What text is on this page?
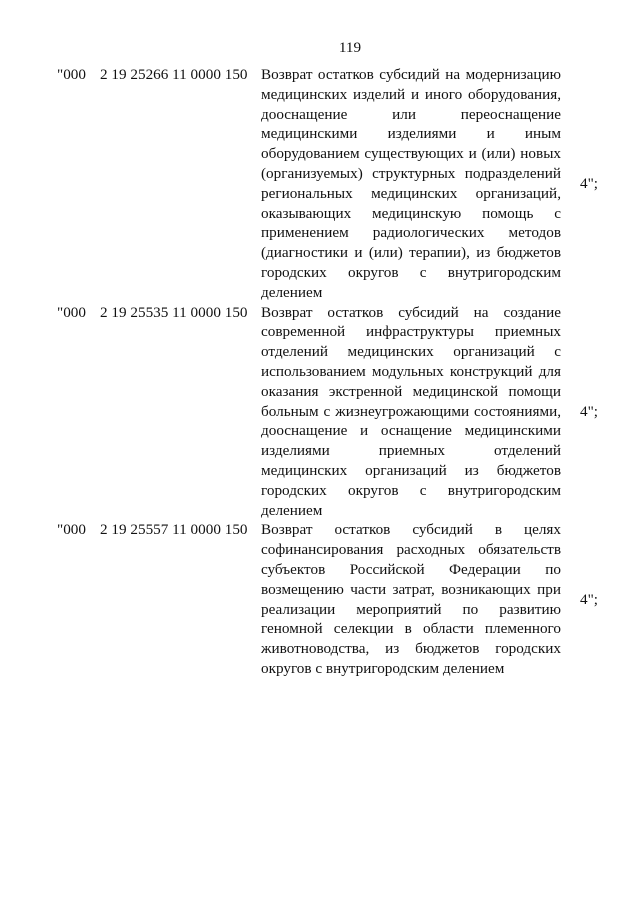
119
"000 2 19 25266 11 0000 150 Возврат остатков субсидий на модернизацию
медицинских изделий и иного оборудования,
дооснащение или переоснащение
медицинскими изделиями и иным
оборудованием существующих и (или) новых
(организуемых) структурных подразделений
региональных медицинских организаций,
оказывающих медицинскую помощь с
применением радиологических методов
(диагностики и (или) терапии), из бюджетов
городских округов с внутригородским
делением
4";
"000 2 19 25535 11 0000 150 Возврат остатков субсидий на создание
современной инфраструктуры приемных
отделений медицинских организаций с
использованием модульных конструкций для
оказания экстренной медицинской помощи
больным с жизнеугрожающими состояниями,
дооснащение и оснащение медицинскими
изделиями приемных отделений
медицинских организаций из бюджетов
городских округов с внутригородским
делением
4";
"000 2 19 25557 11 0000 150 Возврат остатков субсидий в целях
софинансирования расходных обязательств
субъектов Российской Федерации по
возмещению части затрат, возникающих при
реализации мероприятий по развитию
геномной селекции в области племенного
животноводства, из бюджетов городских
округов с внутригородским делением
4";
